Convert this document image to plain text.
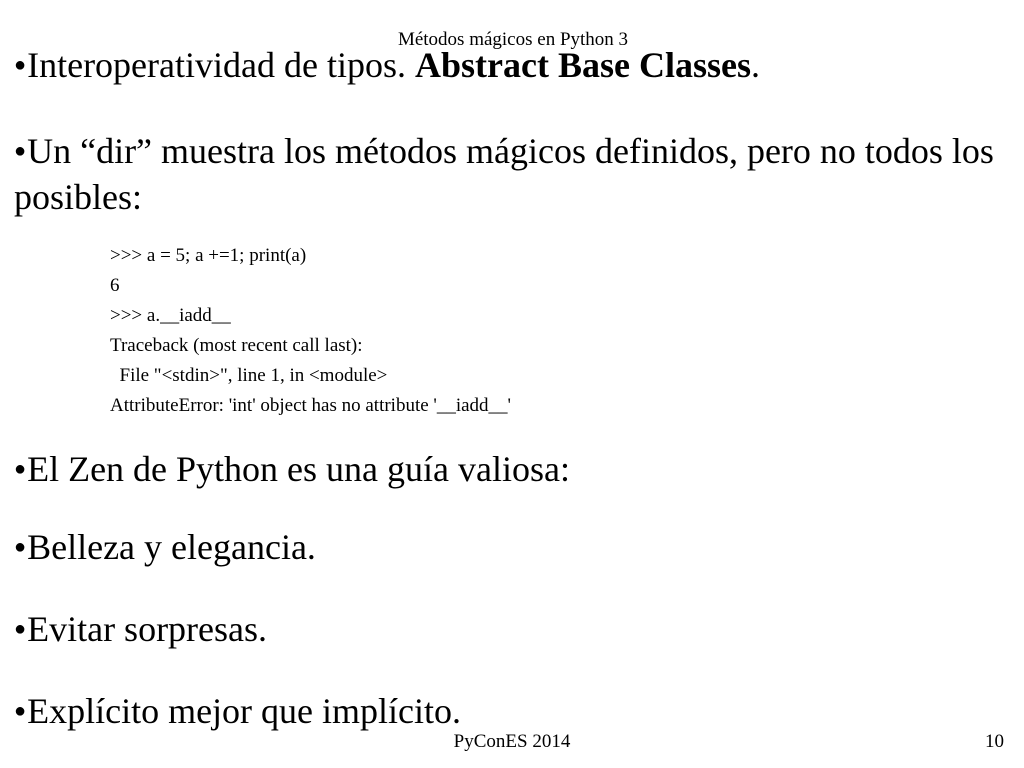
Métodos mágicos en Python 3
●Interoperatividad de tipos. Abstract Base Classes.
●Un “dir” muestra los métodos mágicos definidos, pero no todos los posibles:
>>> a = 5; a +=1; print(a)
6
>>> a.__iadd__
Traceback (most recent call last):
File "<stdin>", line 1, in <module>
AttributeError: 'int' object has no attribute '__iadd__'
●El Zen de Python es una guía valiosa:
●Belleza y elegancia.
●Evitar sorpresas.
●Explícito mejor que implícito.
PyConES 2014	10
